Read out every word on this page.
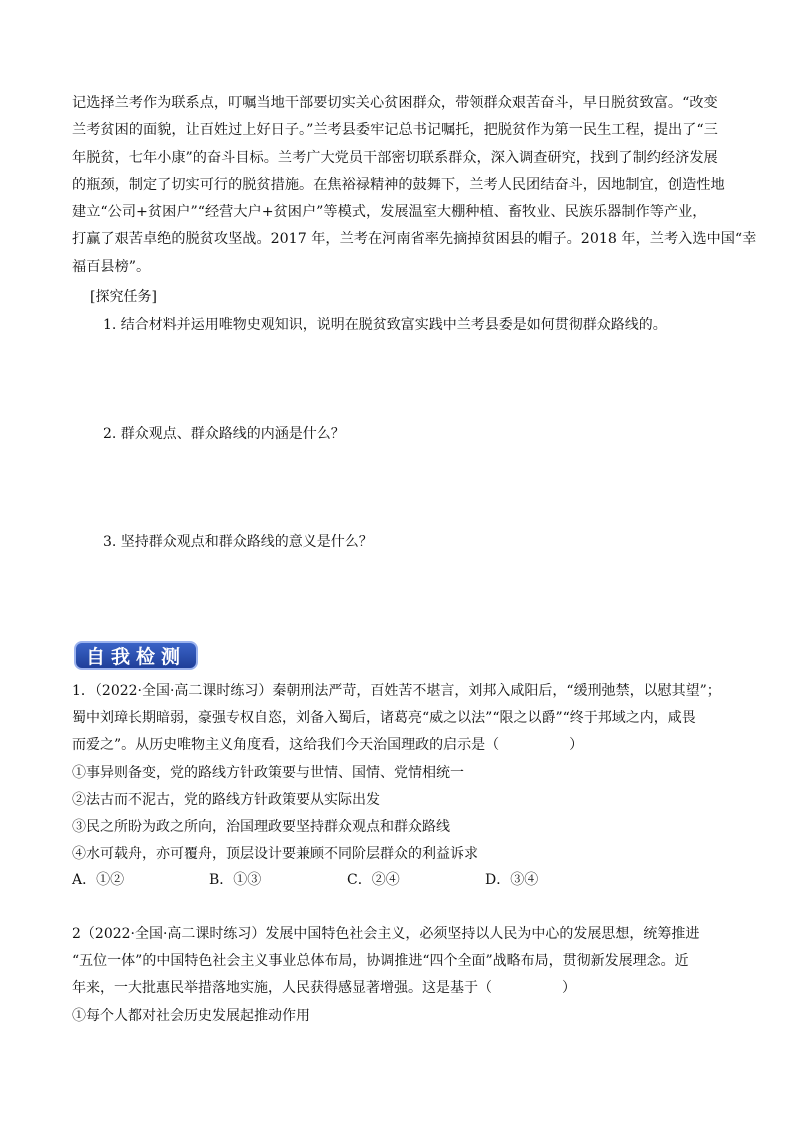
记选择兰考作为联系点，叮嘱当地干部要切实关心贫困群众，带领群众艰苦奋斗，早日脱贫致富。“改变
兰考贫困的面貌，让百姓过上好日子。”兰考县委牢记总书记嘱托，把脱贫作为第一民生工程，提出了“三
年脱贫，七年小康”的奋斗目标。兰考广大党员干部密切联系群众，深入调查研究，找到了制约经济发展
的瓶颈，制定了切实可行的脱贫措施。在焦裕禄精神的鼓舞下，兰考人民团结奋斗，因地制宜，创造性地
建立“公司+贫困户”“经营大户+贫困户”等模式，发展温室大棚种植、畜牧业、民族乐器制作等产业，
打赢了艰苦卓绝的脱贫攻坚战。2017 年，兰考在河南省率先摘掉贫困县的帽子。2018 年，兰考入选中国“幸
福百县榜”。
[探究任务]
1. 结合材料并运用唯物史观知识，说明在脱贫致富实践中兰考县委是如何贯彻群众路线的。
2. 群众观点、群众路线的内涵是什么？
3. 坚持群众观点和群众路线的意义是什么？
自我检测
1．（2022·全国·高二课时练习）秦朝刑法严苛，百姓苦不堪言，刘邦入咸阳后，“缓刑弛禁，以慰其望”；
蜀中刘璋长期暗弱，豪强专权自恣，刘备入蜀后，诸葛亮“威之以法”“限之以爵”“终于邦域之内，咸畏
而爱之”。从历史唯物主义角度看，这给我们今天治国理政的启示是（　　　　　）
①事异则备变，党的路线方针政策要与世情、国情、党情相统一
②法古而不泥古，党的路线方针政策要从实际出发
③民之所盼为政之所向，治国理政要坚持群众观点和群众路线
④水可载舟，亦可覆舟，顶层设计要兼顾不同阶层群众的利益诉求
A．①②	B．①③	C．②④	D．③④
2（2022·全国·高二课时练习）发展中国特色社会主义，必须坚持以人民为中心的发展思想，统筹推进
“五位一体”的中国特色社会主义事业总体布局，协调推进“四个全面”战略布局，贯彻新发展理念。近
年来，一大批惠民举措落地实施，人民获得感显著增强。这是基于（　　　　　）
①每个人都对社会历史发展起推动作用
